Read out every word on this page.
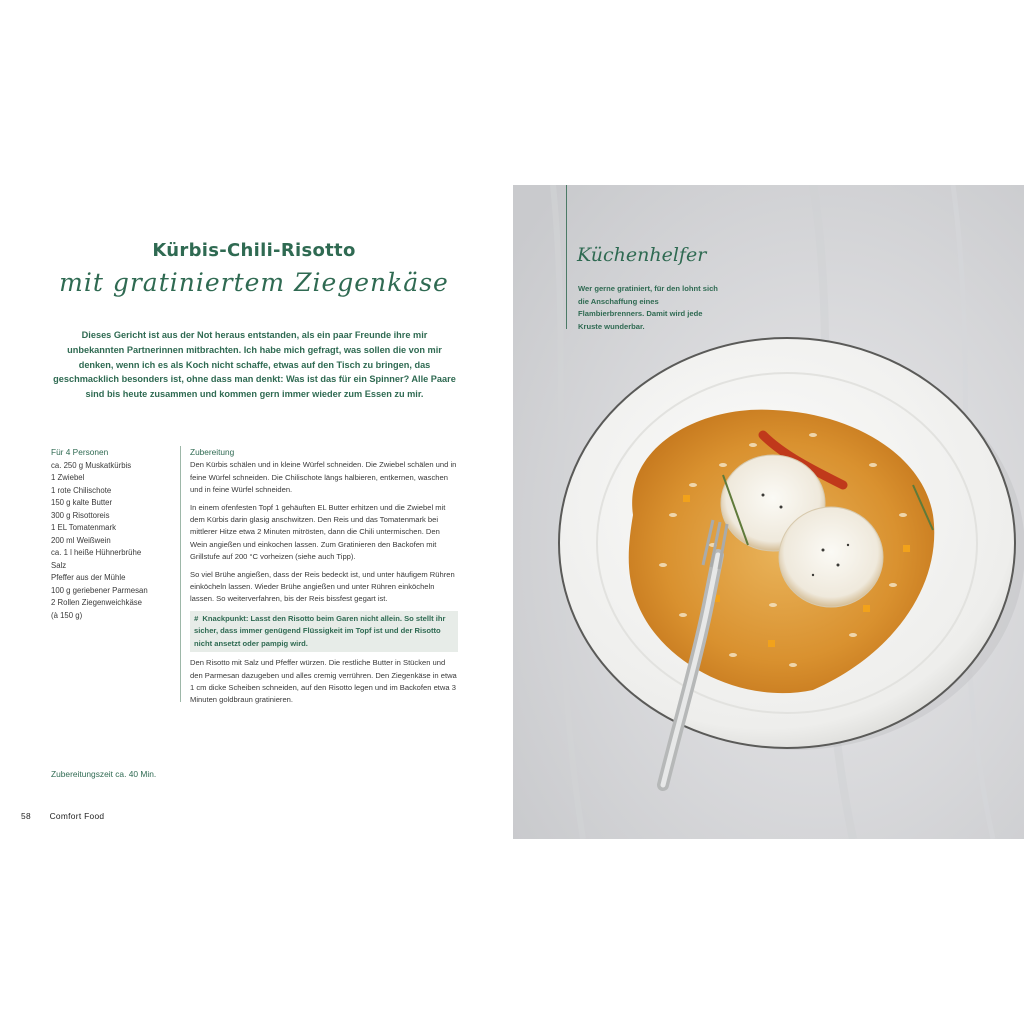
Kürbis-Chili-Risotto
mit gratiniertem Ziegenkäse
Dieses Gericht ist aus der Not heraus entstanden, als ein paar Freunde ihre mir unbekannten Partnerinnen mitbrachten. Ich habe mich gefragt, was sollen die von mir denken, wenn ich es als Koch nicht schaffe, etwas auf den Tisch zu bringen, das geschmacklich besonders ist, ohne dass man denkt: Was ist das für ein Spinner? Alle Paare sind bis heute zusammen und kommen gern immer wieder zum Essen zu mir.
Für 4 Personen
ca. 250 g Muskatkürbis
1 Zwiebel
1 rote Chilischote
150 g kalte Butter
300 g Risottoreis
1 EL Tomatenmark
200 ml Weißwein
ca. 1 l heiße Hühnerbrühe
Salz
Pfeffer aus der Mühle
100 g geriebener Parmesan
2 Rollen Ziegenweichkäse
(à 150 g)
Zubereitung

Den Kürbis schälen und in kleine Würfel schneiden. Die Zwiebel schälen und in feine Würfel schneiden. Die Chilischote längs halbieren, entkernen, waschen und in feine Würfel schneiden.

In einem ofenfesten Topf 1 gehäuften EL Butter erhitzen und die Zwiebel mit dem Kürbis darin glasig anschwitzen. Den Reis und das Tomatenmark bei mittlerer Hitze etwa 2 Minuten mitrösten, dann die Chili untermischen. Den Wein angießen und einkochen lassen. Zum Gratinieren den Backofen mit Grillstufe auf 200 °C vorheizen (siehe auch Tipp).

So viel Brühe angießen, dass der Reis bedeckt ist, und unter häufigem Rühren einköcheln lassen. Wieder Brühe angießen und unter Rühren einköcheln lassen. So weiterverfahren, bis der Reis bissfest gegart ist.

# Knackpunkt: Lasst den Risotto beim Garen nicht allein. So stellt ihr sicher, dass immer genügend Flüssigkeit im Topf ist und der Risotto nicht ansetzt oder pampig wird.

Den Risotto mit Salz und Pfeffer würzen. Die restliche Butter in Stücken und den Parmesan dazugeben und alles cremig verrühren. Den Ziegenkäse in etwa 1 cm dicke Scheiben schneiden, auf den Risotto legen und im Backofen etwa 3 Minuten goldbraun gratinieren.

Zubereitungszeit ca. 40 Min.
58 Comfort Food
Küchenhelfer
Wer gerne gratiniert, für den lohnt sich die Anschaffung eines Flambierbrenners. Damit wird jede Kruste wunderbar.
